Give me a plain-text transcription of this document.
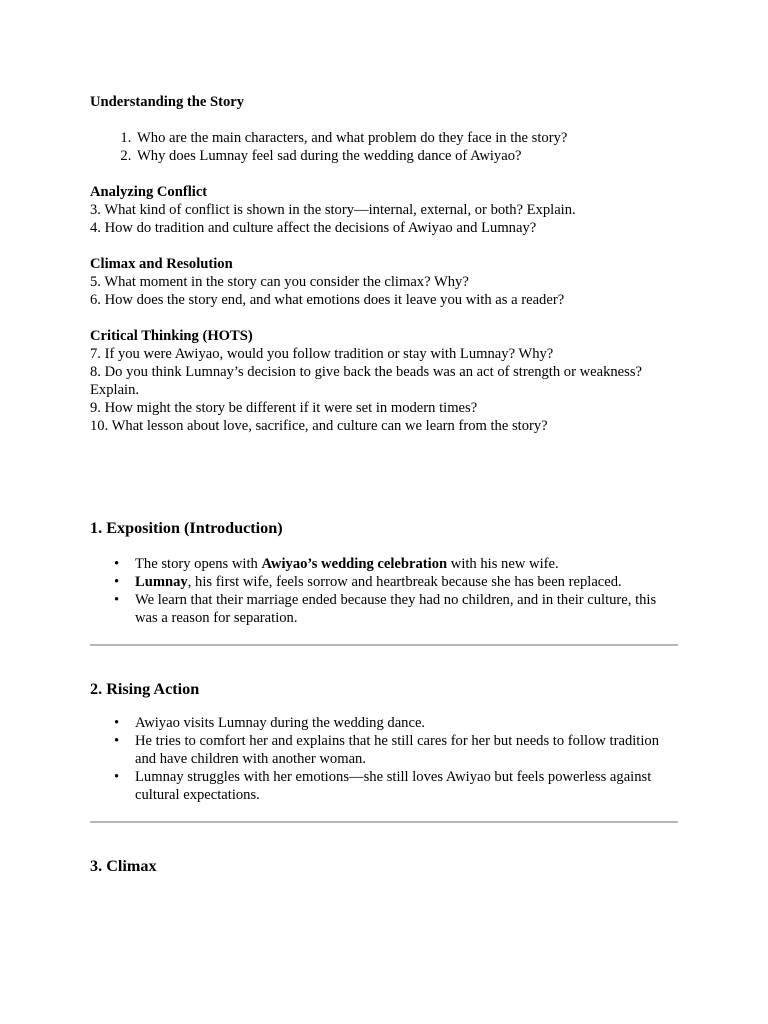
Understanding the Story

1. Who are the main characters, and what problem do they face in the story?
2. Why does Lumnay feel sad during the wedding dance of Awiyao?

Analyzing Conflict

3. What kind of conflict is shown in the story—internal, external, or both? Explain.

4. How do tradition and culture affect the decisions of Awiyao and Lumnay?

Climax and Resolution

5. What moment in the story can you consider the climax? Why?

6. How does the story end, and what emotions does it leave you with as a reader?

Critical Thinking (HOTS)

7. If you were Awiyao, would you follow tradition or stay with Lumnay? Why?

8. Do you think Lumnay’s decision to give back the beads was an act of strength or weakness? Explain.

9. How might the story be different if it were set in modern times?

10. What lesson about love, sacrifice, and culture can we learn from the story?

1. Exposition (Introduction)

• The story opens with Awiyao’s wedding celebration with his new wife.
• Lumnay, his first wife, feels sorrow and heartbreak because she has been replaced.
• We learn that their marriage ended because they had no children, and in their culture, this was a reason for separation.

2. Rising Action

• Awiyao visits Lumnay during the wedding dance.
• He tries to comfort her and explains that he still cares for her but needs to follow tradition and have children with another woman.
• Lumnay struggles with her emotions—she still loves Awiyao but feels powerless against cultural expectations.

3. Climax
